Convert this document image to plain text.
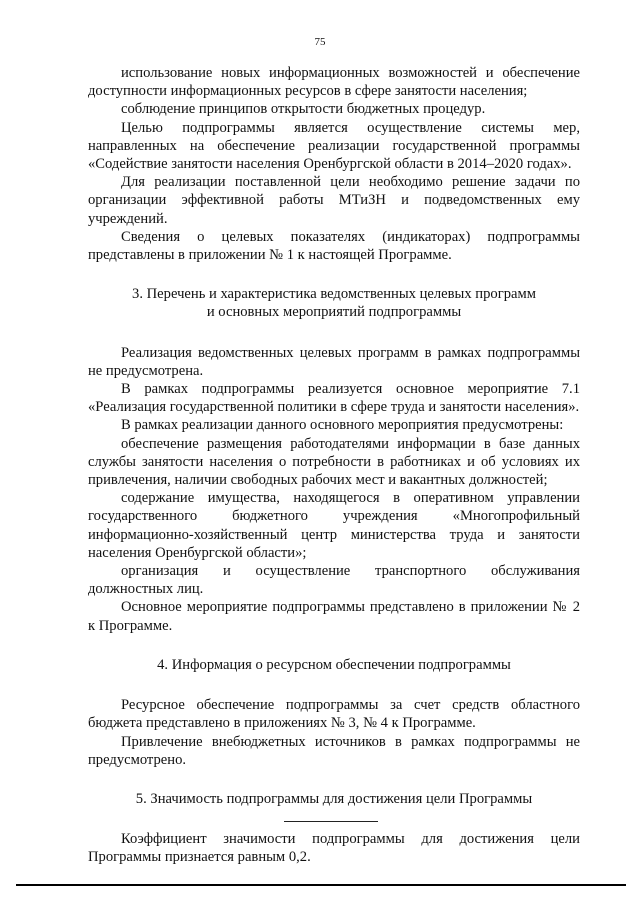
75

использование новых информационных возможностей и обеспечение доступности информационных ресурсов в сфере занятости населения;

соблюдение принципов открытости бюджетных процедур.

Целью подпрограммы является осуществление системы мер, направленных на обеспечение реализации государственной программы «Содействие занятости населения Оренбургской области в 2014–2020 годах».

Для реализации поставленной цели необходимо решение задачи по организации эффективной работы МТиЗН и подведомственных ему учреждений.

Сведения о целевых показателях (индикаторах) подпрограммы представлены в приложении № 1 к настоящей Программе.

3. Перечень и характеристика ведомственных целевых программ

и основных мероприятий подпрограммы

Реализация ведомственных целевых программ в рамках подпрограммы не предусмотрена.

В рамках подпрограммы реализуется основное мероприятие 7.1 «Реализация государственной политики в сфере труда и занятости населения».

В рамках реализации данного основного мероприятия предусмотрены:

обеспечение размещения работодателями информации в базе данных службы занятости населения о потребности в работниках и об условиях их привлечения, наличии свободных рабочих мест и вакантных должностей;

содержание имущества, находящегося в оперативном управлении государственного бюджетного учреждения «Многопрофильный информационно-хозяйственный центр министерства труда и занятости населения Оренбургской области»;

организация и осуществление транспортного обслуживания должностных лиц.

Основное мероприятие подпрограммы представлено в приложении № 2 к Программе.

4. Информация о ресурсном обеспечении подпрограммы

Ресурсное обеспечение подпрограммы за счет средств областного бюджета представлено в приложениях № 3, № 4 к Программе.

Привлечение внебюджетных источников в рамках подпрограммы не предусмотрено.

5. Значимость подпрограммы для достижения цели Программы

Коэффициент значимости подпрограммы для достижения цели Программы признается равным 0,2.
